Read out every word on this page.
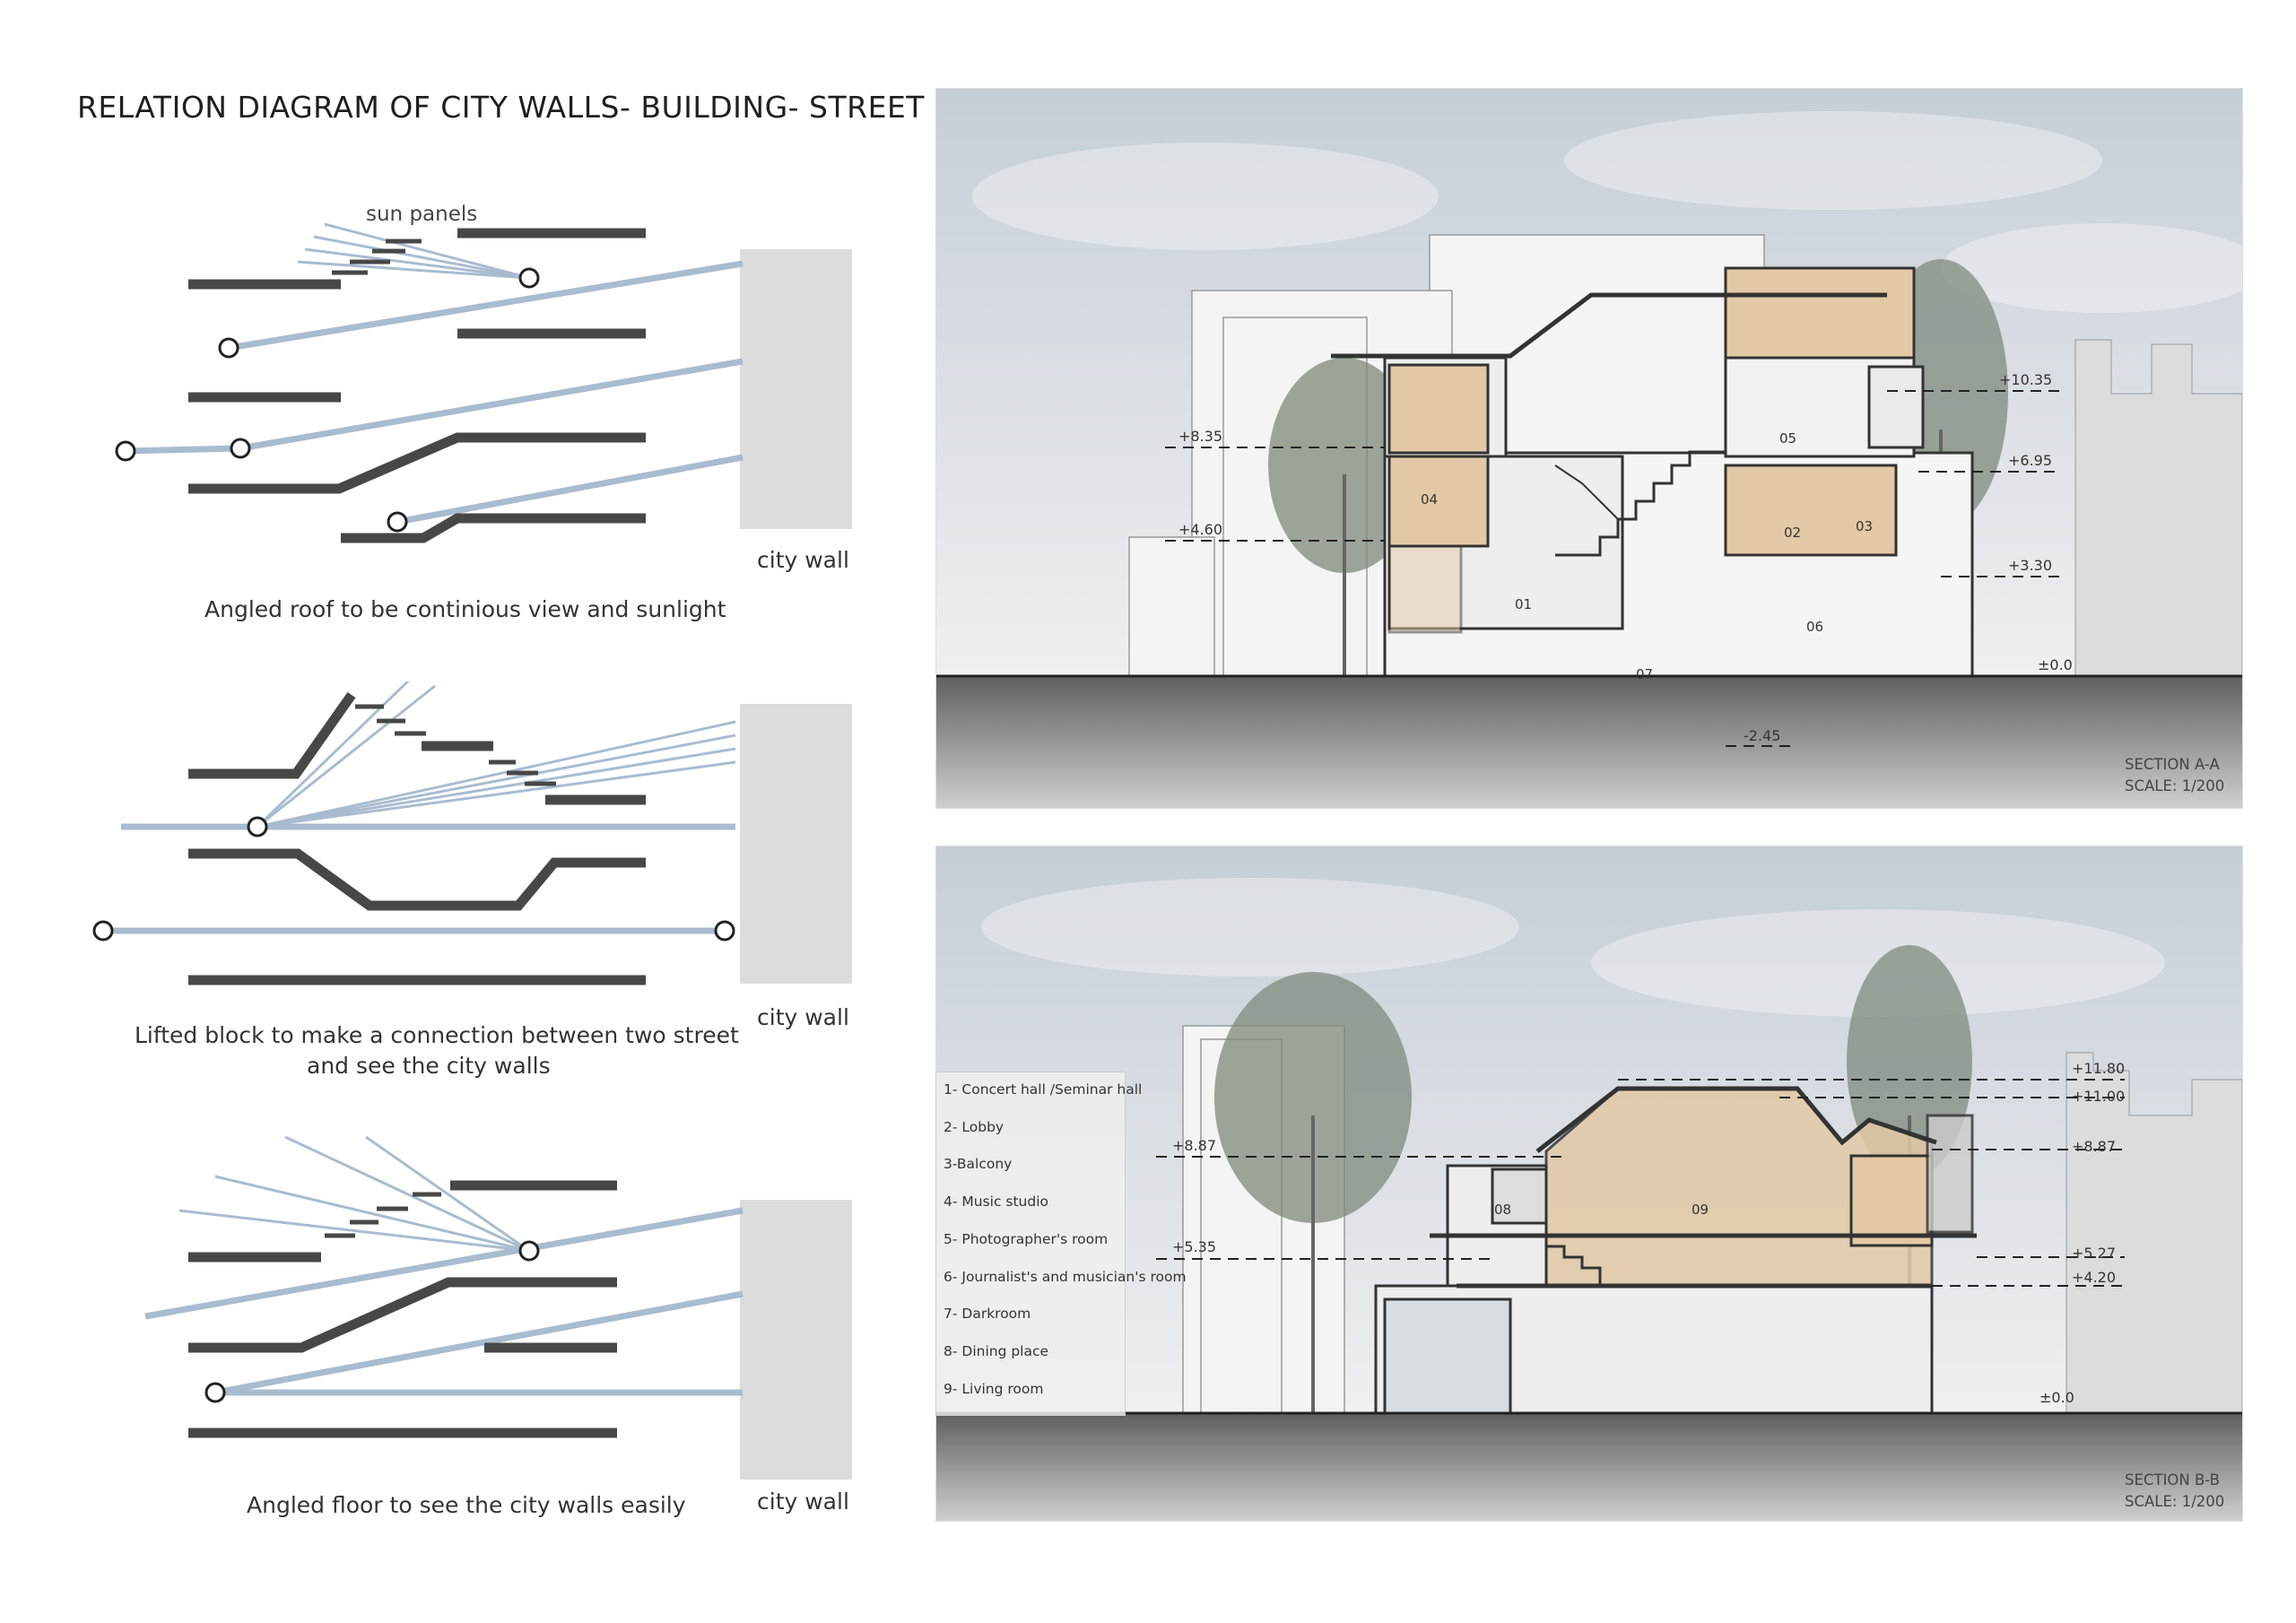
RELATION DIAGRAM OF CITY WALLS- BUILDING- STREET
sun panels
city wall
Angled roof to be continious view and sunlight
city wall
Lifted block to make a connection between two street
and see the city walls
city wall
Angled floor to see the city walls easily
+10.35
+6.95
+3.30
±0.0
+8.35
+4.60
-2.45
01
02	03
04
05
06
07
SECTION A-A
SCALE: 1/200
+11.80
+11.00
+8.87
+5.27
+4.20
±0.0
+8.87
+5.35
08	09
SECTION B-B
SCALE: 1/200
1- Concert hall /Seminar hall
2- Lobby
3-Balcony
4- Music studio
5- Photographer's room
6- Journalist's and musician's room
7- Darkroom
8- Dining place
9- Living room
